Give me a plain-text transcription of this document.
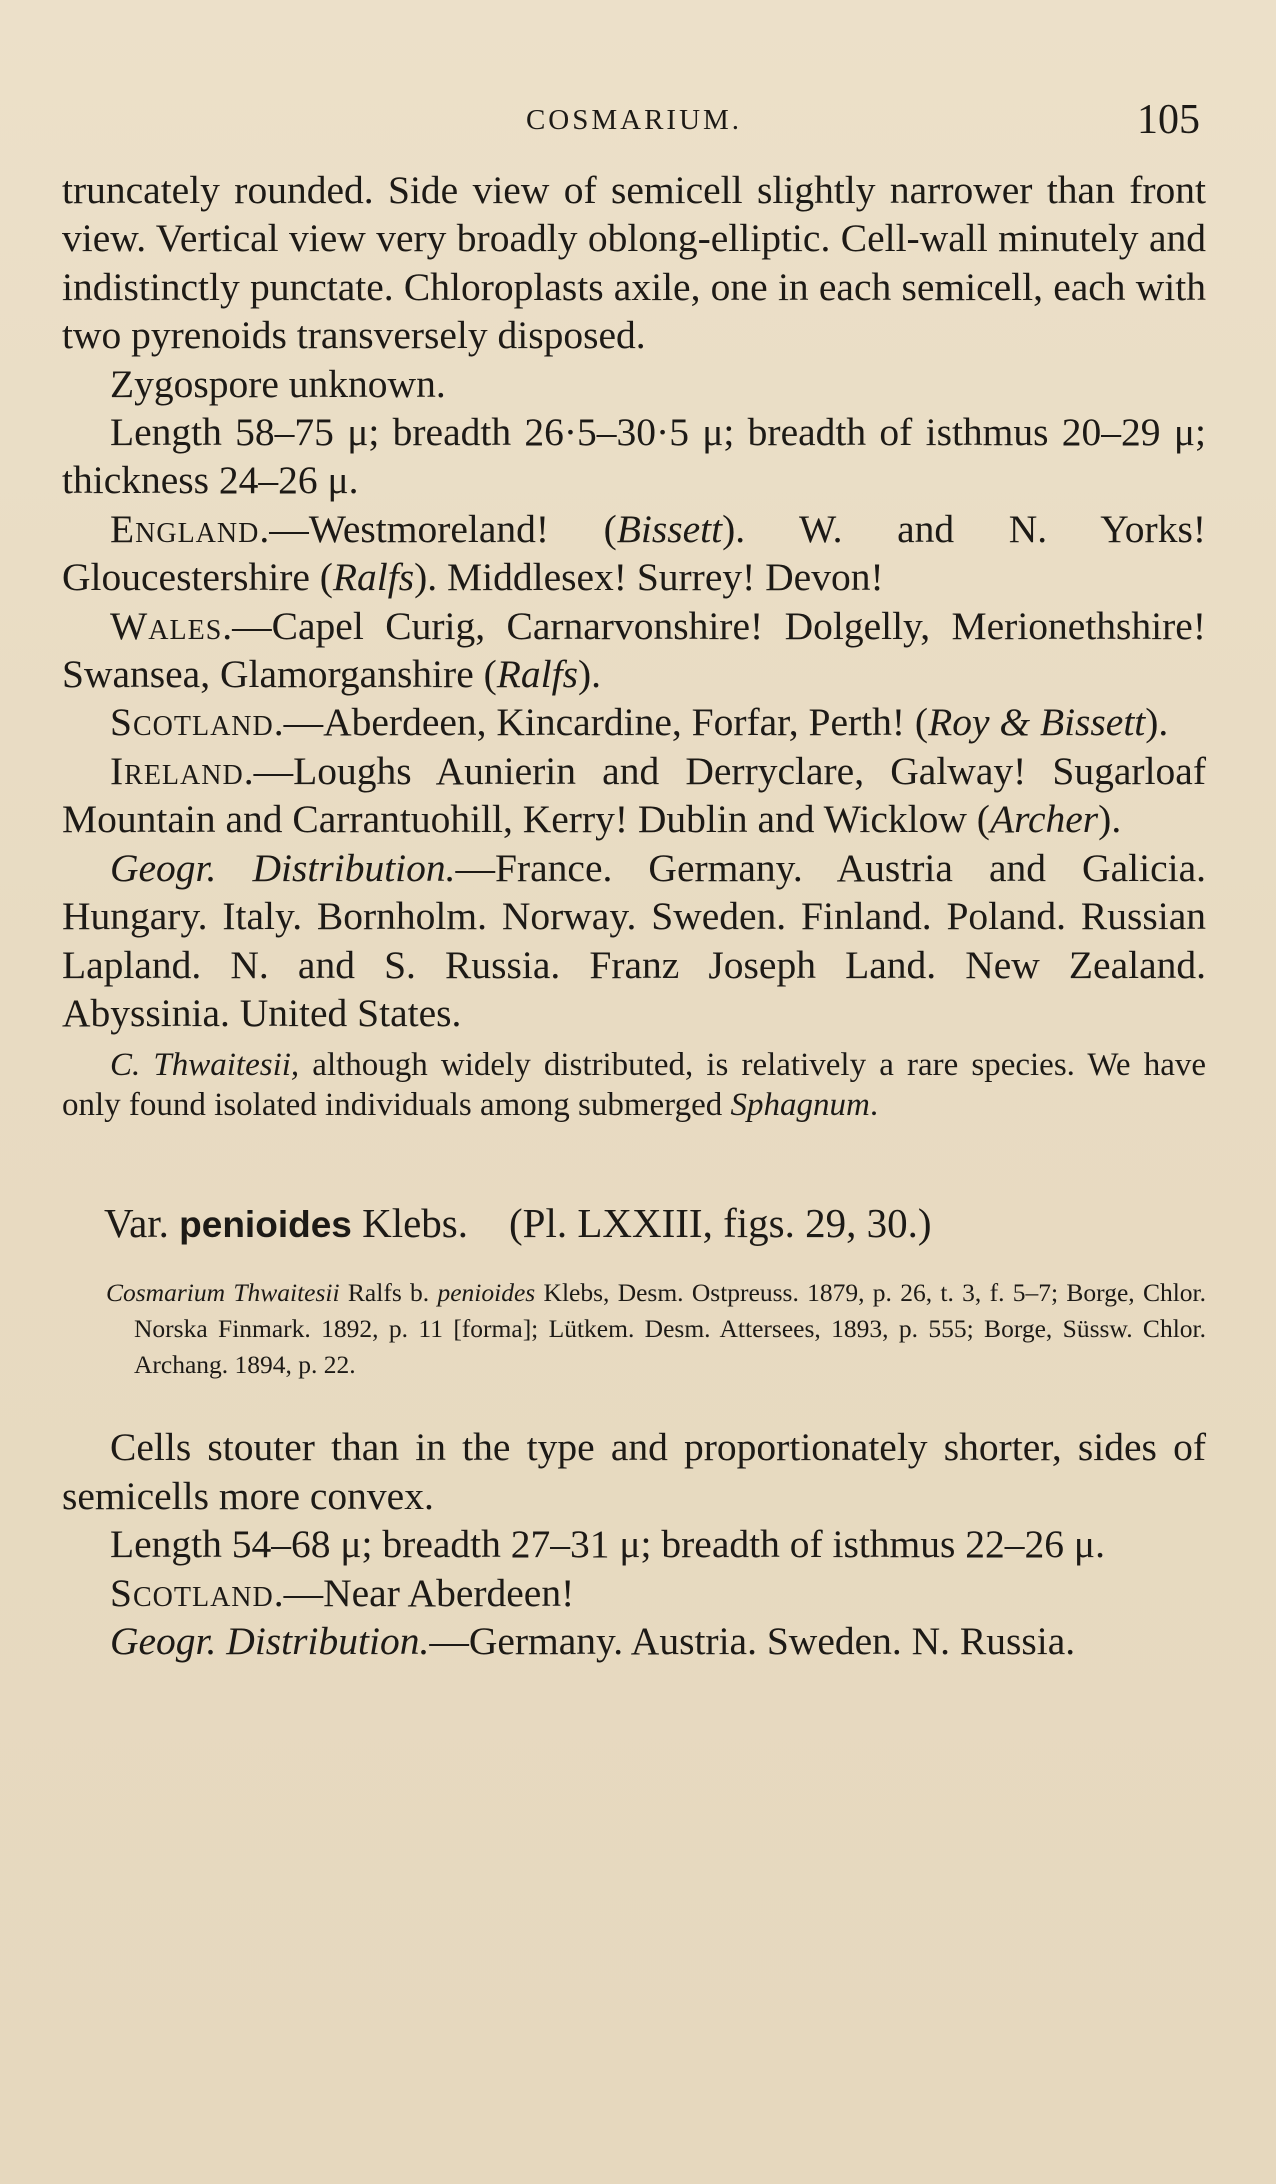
COSMARIUM.	105

truncately rounded. Side view of semicell slightly narrower than front view. Vertical view very broadly oblong-elliptic. Cell-wall minutely and indistinctly punctate. Chloroplasts axile, one in each semicell, each with two pyrenoids transversely disposed.

Zygospore unknown.

Length 58–75 μ; breadth 26·5–30·5 μ; breadth of isthmus 20–29 μ; thickness 24–26 μ.

England.—Westmoreland! (Bissett). W. and N. Yorks! Gloucestershire (Ralfs). Middlesex! Surrey! Devon!

Wales.—Capel Curig, Carnarvonshire! Dolgelly, Merionethshire! Swansea, Glamorganshire (Ralfs).

Scotland.—Aberdeen, Kincardine, Forfar, Perth! (Roy & Bissett).

Ireland.—Loughs Aunierin and Derryclare, Galway! Sugarloaf Mountain and Carrantuohill, Kerry! Dublin and Wicklow (Archer).

Geogr. Distribution.—France. Germany. Austria and Galicia. Hungary. Italy. Bornholm. Norway. Sweden. Finland. Poland. Russian Lapland. N. and S. Russia. Franz Joseph Land. New Zealand. Abyssinia. United States.

C. Thwaitesii, although widely distributed, is relatively a rare species. We have only found isolated individuals among submerged Sphagnum.

Var. penioides Klebs. (Pl. LXXIII, figs. 29, 30.)

Cosmarium Thwaitesii Ralfs b. penioides Klebs, Desm. Ostpreuss. 1879, p. 26, t. 3, f. 5–7; Borge, Chlor. Norska Finmark. 1892, p. 11 [forma]; Lütkem. Desm. Attersees, 1893, p. 555; Borge, Süssw. Chlor. Archang. 1894, p. 22.

Cells stouter than in the type and proportionately shorter, sides of semicells more convex.

Length 54–68 μ; breadth 27–31 μ; breadth of isthmus 22–26 μ.

Scotland.—Near Aberdeen!

Geogr. Distribution.—Germany. Austria. Sweden. N. Russia.
